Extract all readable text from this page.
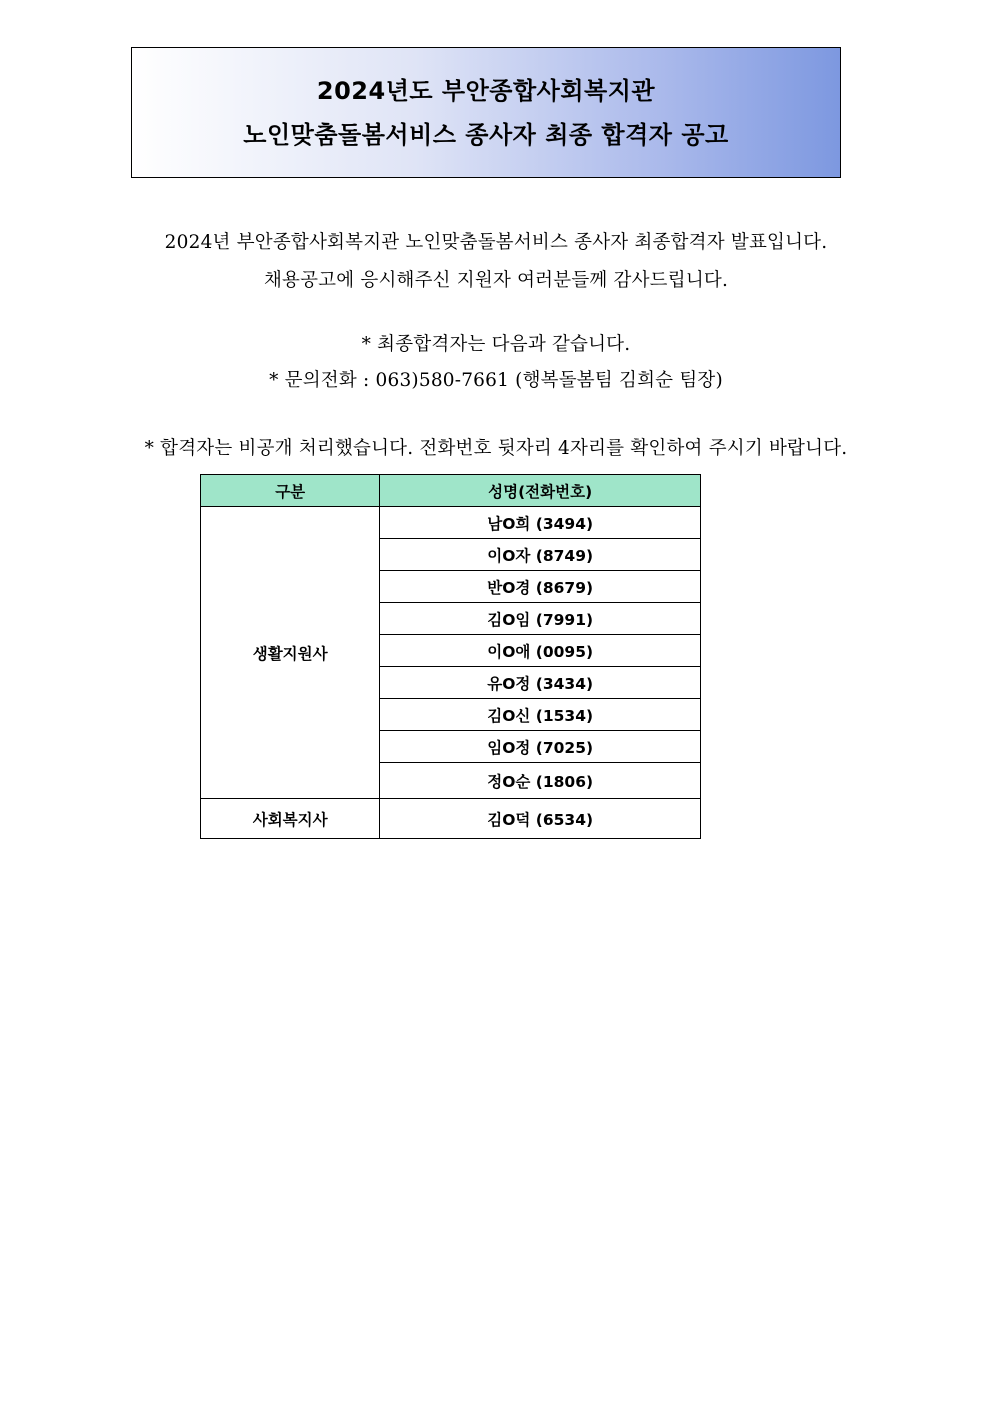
2024년도 부안종합사회복지관
노인맞춤돌봄서비스 종사자 최종 합격자 공고
2024년 부안종합사회복지관 노인맞춤돌봄서비스 종사자 최종합격자 발표입니다.
채용공고에 응시해주신 지원자 여러분들께 감사드립니다.
* 최종합격자는 다음과 같습니다.
* 문의전화 : 063)580-7661 (행복돌봄팀 김희순 팀장)
* 합격자는 비공개 처리했습니다. 전화번호 뒷자리 4자리를 확인하여 주시기 바랍니다.
구분	성명(전화번호)
생활지원사	남O희 (3494)
	이O자 (8749)
	반O경 (8679)
	김O임 (7991)
	이O애 (0095)
	유O정 (3434)
	김O신 (1534)
	임O정 (7025)
	정O순 (1806)
사회복지사	김O덕 (6534)
